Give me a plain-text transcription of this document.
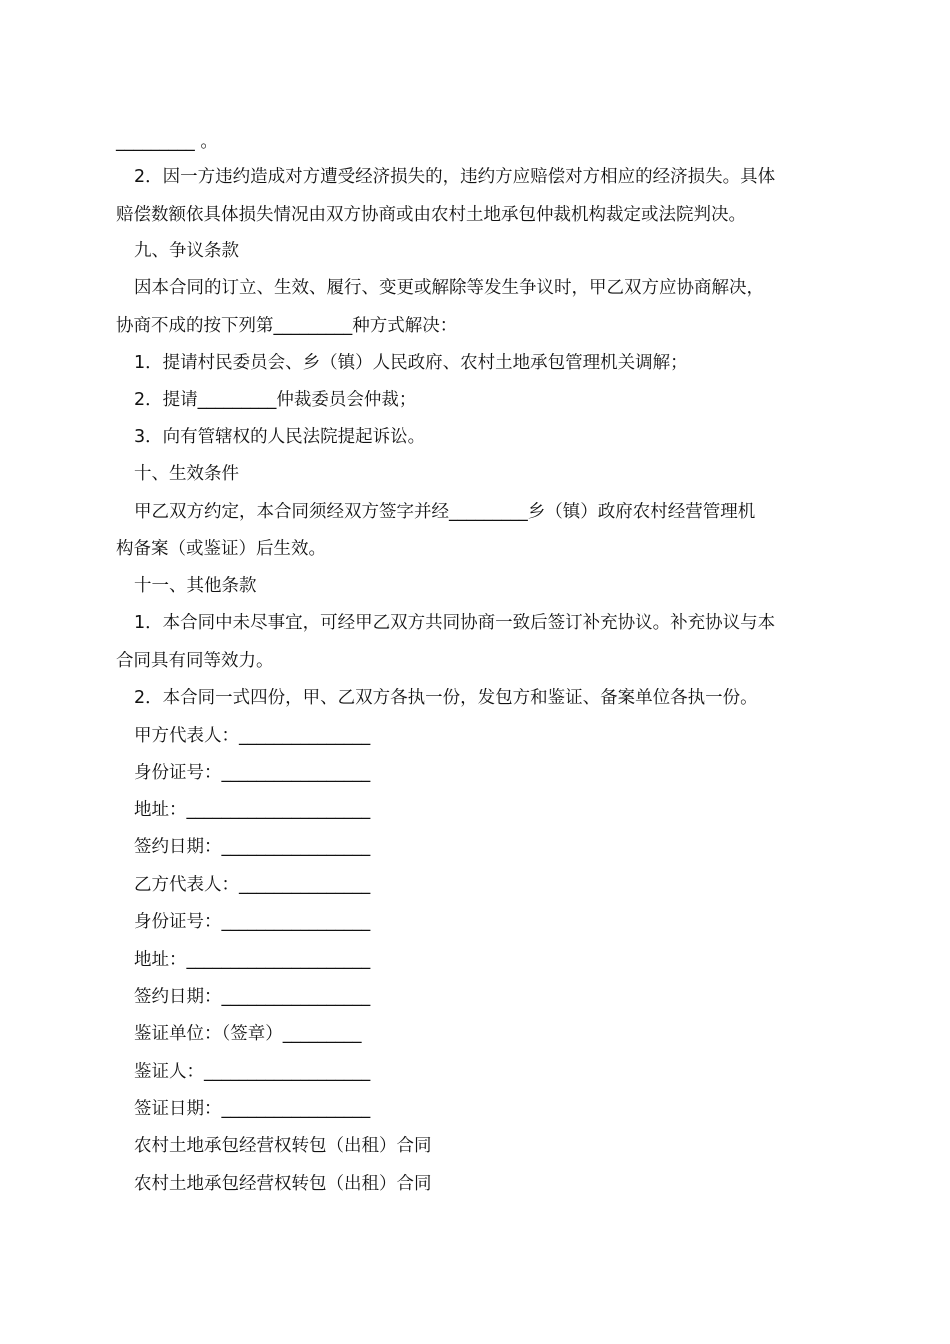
_________ 。
2．因一方违约造成对方遭受经济损失的，违约方应赔偿对方相应的经济损失。具体
赔偿数额依具体损失情况由双方协商或由农村土地承包仲裁机构裁定或法院判决。
九、争议条款
因本合同的订立、生效、履行、变更或解除等发生争议时，甲乙双方应协商解决，
协商不成的按下列第_________种方式解决：
1．提请村民委员会、乡（镇）人民政府、农村土地承包管理机关调解；
2．提请_________仲裁委员会仲裁；
3．向有管辖权的人民法院提起诉讼。
十、生效条件
甲乙双方约定，本合同须经双方签字并经_________乡（镇）政府农村经营管理机
构备案（或鉴证）后生效。
十一、其他条款
1．本合同中未尽事宜，可经甲乙双方共同协商一致后签订补充协议。补充协议与本
合同具有同等效力。
2．本合同一式四份，甲、乙双方各执一份，发包方和鉴证、备案单位各执一份。
甲方代表人：_______________
身份证号：_________________
地址：_____________________
签约日期：_________________
乙方代表人：_______________
身份证号：_________________
地址：_____________________
签约日期：_________________
鉴证单位：（签章）_________
鉴证人：___________________
签证日期：_________________
农村土地承包经营权转包（出租）合同
农村土地承包经营权转包（出租）合同
